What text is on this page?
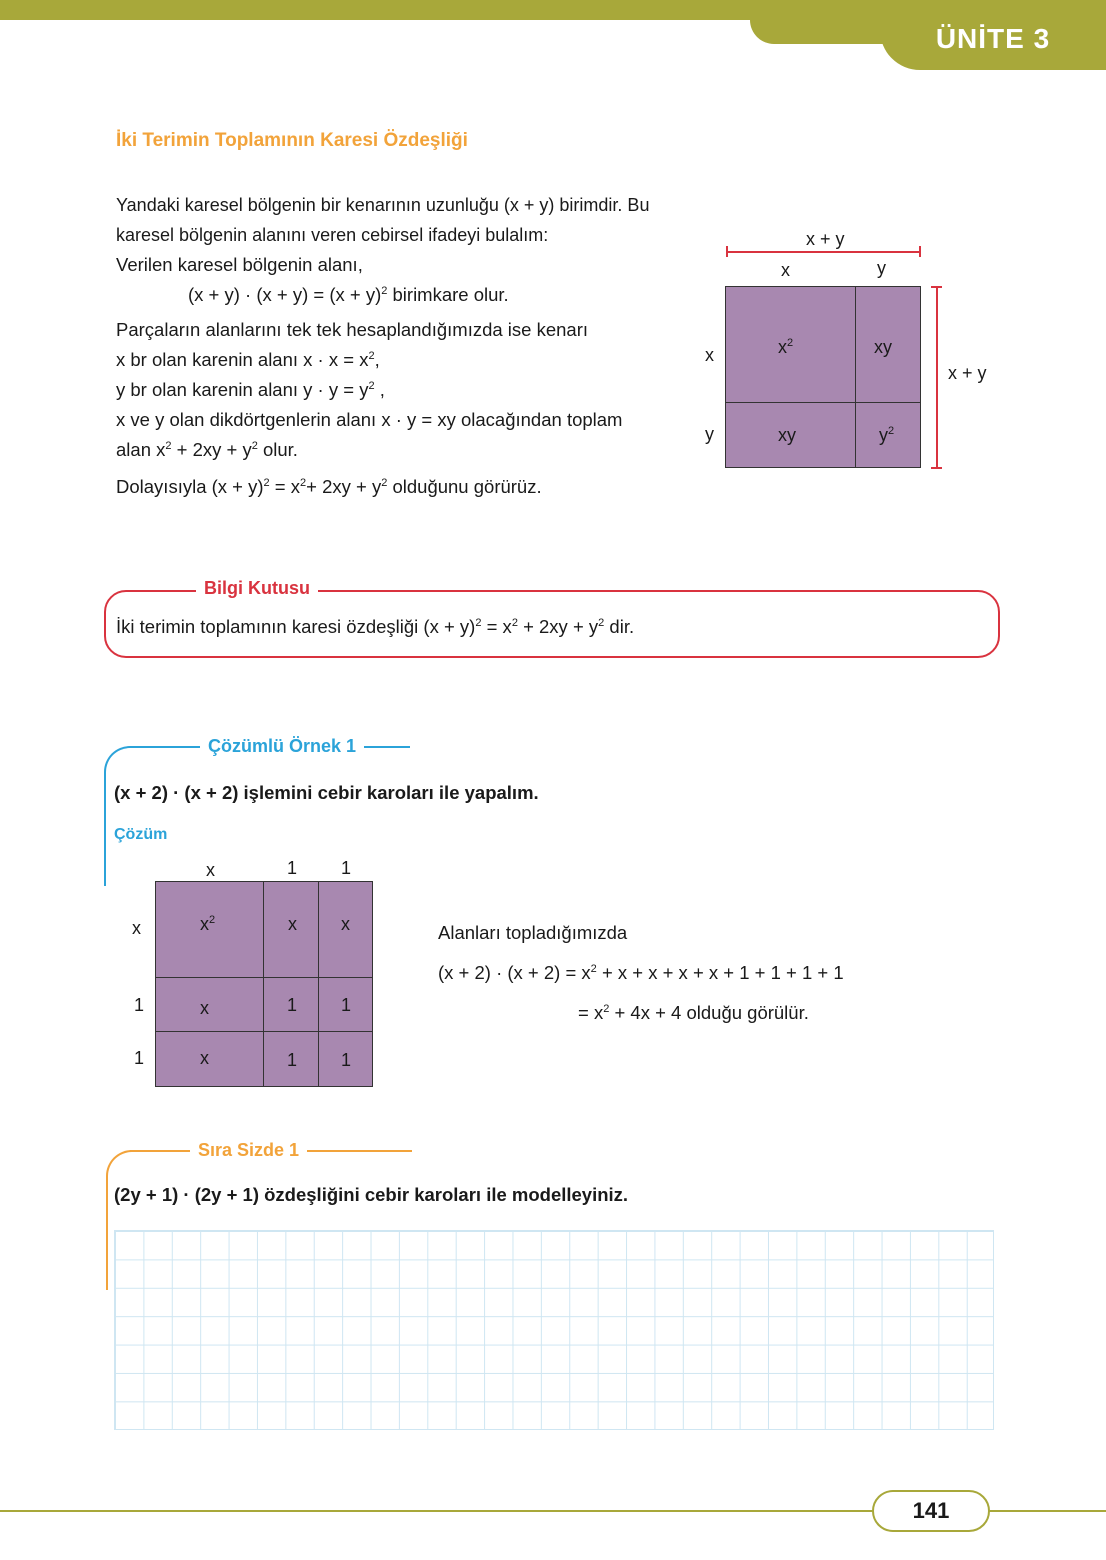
ÜNİTE 3
İki Terimin Toplamının Karesi Özdeşliği
Yandaki karesel bölgenin bir kenarının uzunluğu (x + y) birimdir. Bu
karesel bölgenin alanını veren cebirsel ifadeyi bulalım:
Verilen karesel bölgenin alanı,
$(x + y) \cdot (x + y) = (x + y)^2$ birimkare olur.
Parçaların alanlarını tek tek hesaplandığımızda ise kenarı
x br olan karenin alanı $x \cdot x = x^2$,
y br olan karenin alanı $y \cdot y = y^2$ ,
x ve y olan dikdörtgenlerin alanı x · y = xy olacağından toplam
alan $x^2 + 2xy + y^2$ olur.
Dolayısıyla $(x + y)^2 = x^2+ 2xy + y^2$ olduğunu görürüz.
x + y
x	y
x
y
x + y
$x^2$	xy
xy	$y^2$
Bilgi Kutusu
İki terimin toplamının karesi özdeşliği $(x + y)^2 = x^2 + 2xy + y^2$ dir.
Çözümlü Örnek 1
(x + 2) · (x + 2) işlemini cebir karoları ile yapalım.
Çözüm
x	1 1
x
1
1
$x^2$	x x
x	1 1
x	1 1
Alanları topladığımızda
$(x + 2) \cdot (x + 2) = x^2 + x + x + x + x + 1 + 1 + 1 + 1$
= $x^2 + 4x + 4$ olduğu görülür.
Sıra Sizde 1
(2y + 1) · (2y + 1) özdeşliğini cebir karoları ile modelleyiniz.
141
